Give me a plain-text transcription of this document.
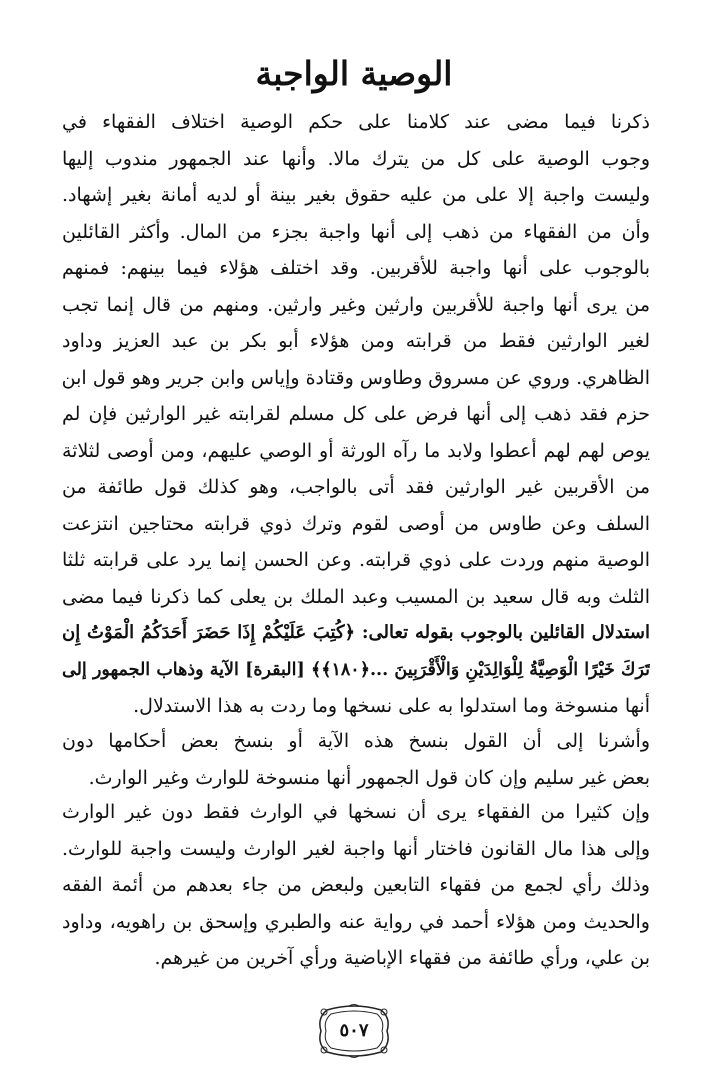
الوصية الواجبة
ذكرنا فيما مضى عند كلامنا على حكم الوصية اختلاف الفقهاء في
وجوب الوصية على كل من يترك مالا. وأنها عند الجمهور مندوب إليها
وليست واجبة إلا على من عليه حقوق بغير بينة أو لديه أمانة بغير إشهاد.
وأن من الفقهاء من ذهب إلى أنها واجبة بجزء من المال. وأكثر القائلين
بالوجوب على أنها واجبة للأقربين. وقد اختلف هؤلاء فيما بينهم: فمنهم
من يرى أنها واجبة للأقربين وارثين وغير وارثين. ومنهم من قال إنما تجب
لغير الوارثين فقط من قرابته ومن هؤلاء أبو بكر بن عبد العزيز وداود
الظاهري. وروي عن مسروق وطاوس وقتادة وإياس وابن جرير وهو قول ابن
حزم فقد ذهب إلى أنها فرض على كل مسلم لقرابته غير الوارثين فإن لم
يوص لهم لهم أعطوا ولابد ما رآه الورثة أو الوصي عليهم، ومن أوصى لثلاثة
من الأقربين غير الوارثين فقد أتى بالواجب، وهو كذلك قول طائفة من
السلف وعن طاوس من أوصى لقوم وترك ذوي قرابته محتاجين انتزعت
الوصية منهم وردت على ذوي قرابته. وعن الحسن إنما يرد على قرابته ثلثا
الثلث وبه قال سعيد بن المسيب وعبد الملك بن يعلى كما ذكرنا فيما مضى
استدلال القائلين بالوجوب بقوله تعالى: ﴿كُتِبَ عَلَيْكُمْ إِذَا حَضَرَ أَحَدَكُمُ الْمَوْتُ إِن
تَرَكَ خَيْرًا الْوَصِيَّةُ لِلْوَالِدَيْنِ وَالْأَقْرَبِينَ ...﴿١٨٠﴾﴾ [البقرة] الآية وذهاب الجمهور إلى
أنها منسوخة وما استدلوا به على نسخها وما ردت به هذا الاستدلال.
وأشرنا إلى أن القول بنسخ هذه الآية أو بنسخ بعض أحكامها دون
بعض غير سليم وإن كان قول الجمهور أنها منسوخة للوارث وغير الوارث.
وإن كثيرا من الفقهاء يرى أن نسخها في الوارث فقط دون غير الوارث
وإلى هذا مال القانون فاختار أنها واجبة لغير الوارث وليست واجبة للوارث.
وذلك رأي لجمع من فقهاء التابعين ولبعض من جاء بعدهم من أئمة الفقه
والحديث ومن هؤلاء أحمد في رواية عنه والطبري وإسحق بن راهويه، وداود
بن علي، ورأي طائفة من فقهاء الإباضية ورأي آخرين من غيرهم.
٥٠٧
